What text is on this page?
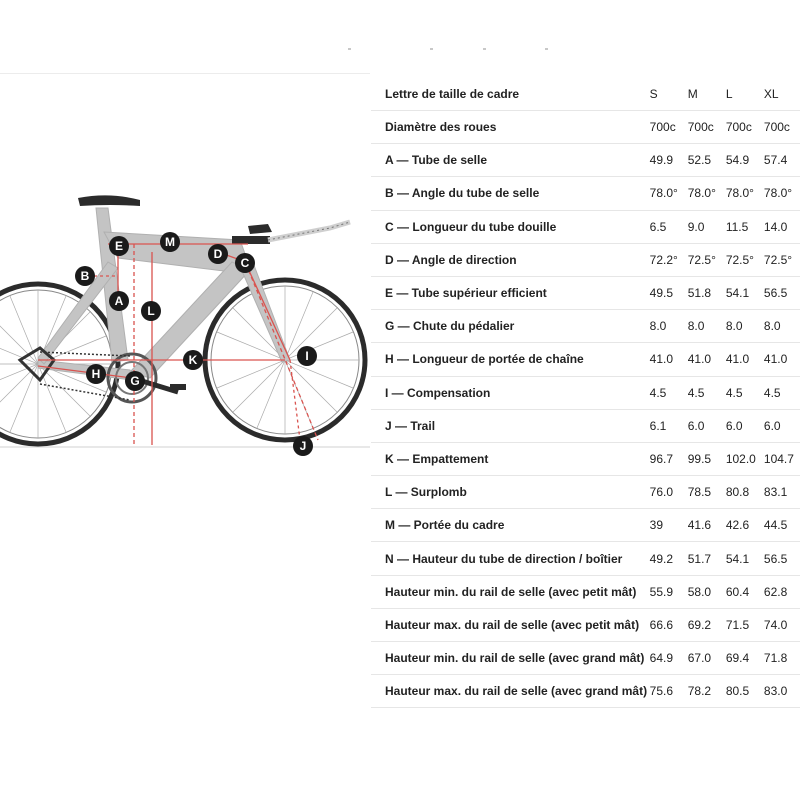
E	M
B
D
C
A
L
K	I
H G
J
Lettre de taille de cadre	S	M	L	XL
Diamètre des roues	700c	700c	700c	700c
A — Tube de selle	49.9	52.5	54.9	57.4
B — Angle du tube de selle	78.0°	78.0°	78.0°	78.0°
C — Longueur du tube douille	6.5	9.0	11.5	14.0
D — Angle de direction	72.2°	72.5°	72.5°	72.5°
E — Tube supérieur efficient	49.5	51.8	54.1	56.5
G — Chute du pédalier	8.0	8.0	8.0	8.0
H — Longueur de portée de chaîne	41.0	41.0	41.0	41.0
I — Compensation	4.5	4.5	4.5	4.5
J — Trail	6.1	6.0	6.0	6.0
K — Empattement	96.7	99.5	102.0	104.7
L — Surplomb	76.0	78.5	80.8	83.1
M — Portée du cadre	39	41.6	42.6	44.5
N — Hauteur du tube de direction / boîtier	49.2	51.7	54.1	56.5
Hauteur min. du rail de selle (avec petit mât)	55.9	58.0	60.4	62.8
Hauteur max. du rail de selle (avec petit mât)	66.6	69.2	71.5	74.0
Hauteur min. du rail de selle (avec grand mât)	64.9	67.0	69.4	71.8
Hauteur max. du rail de selle (avec grand mât)	75.6	78.2	80.5	83.0
